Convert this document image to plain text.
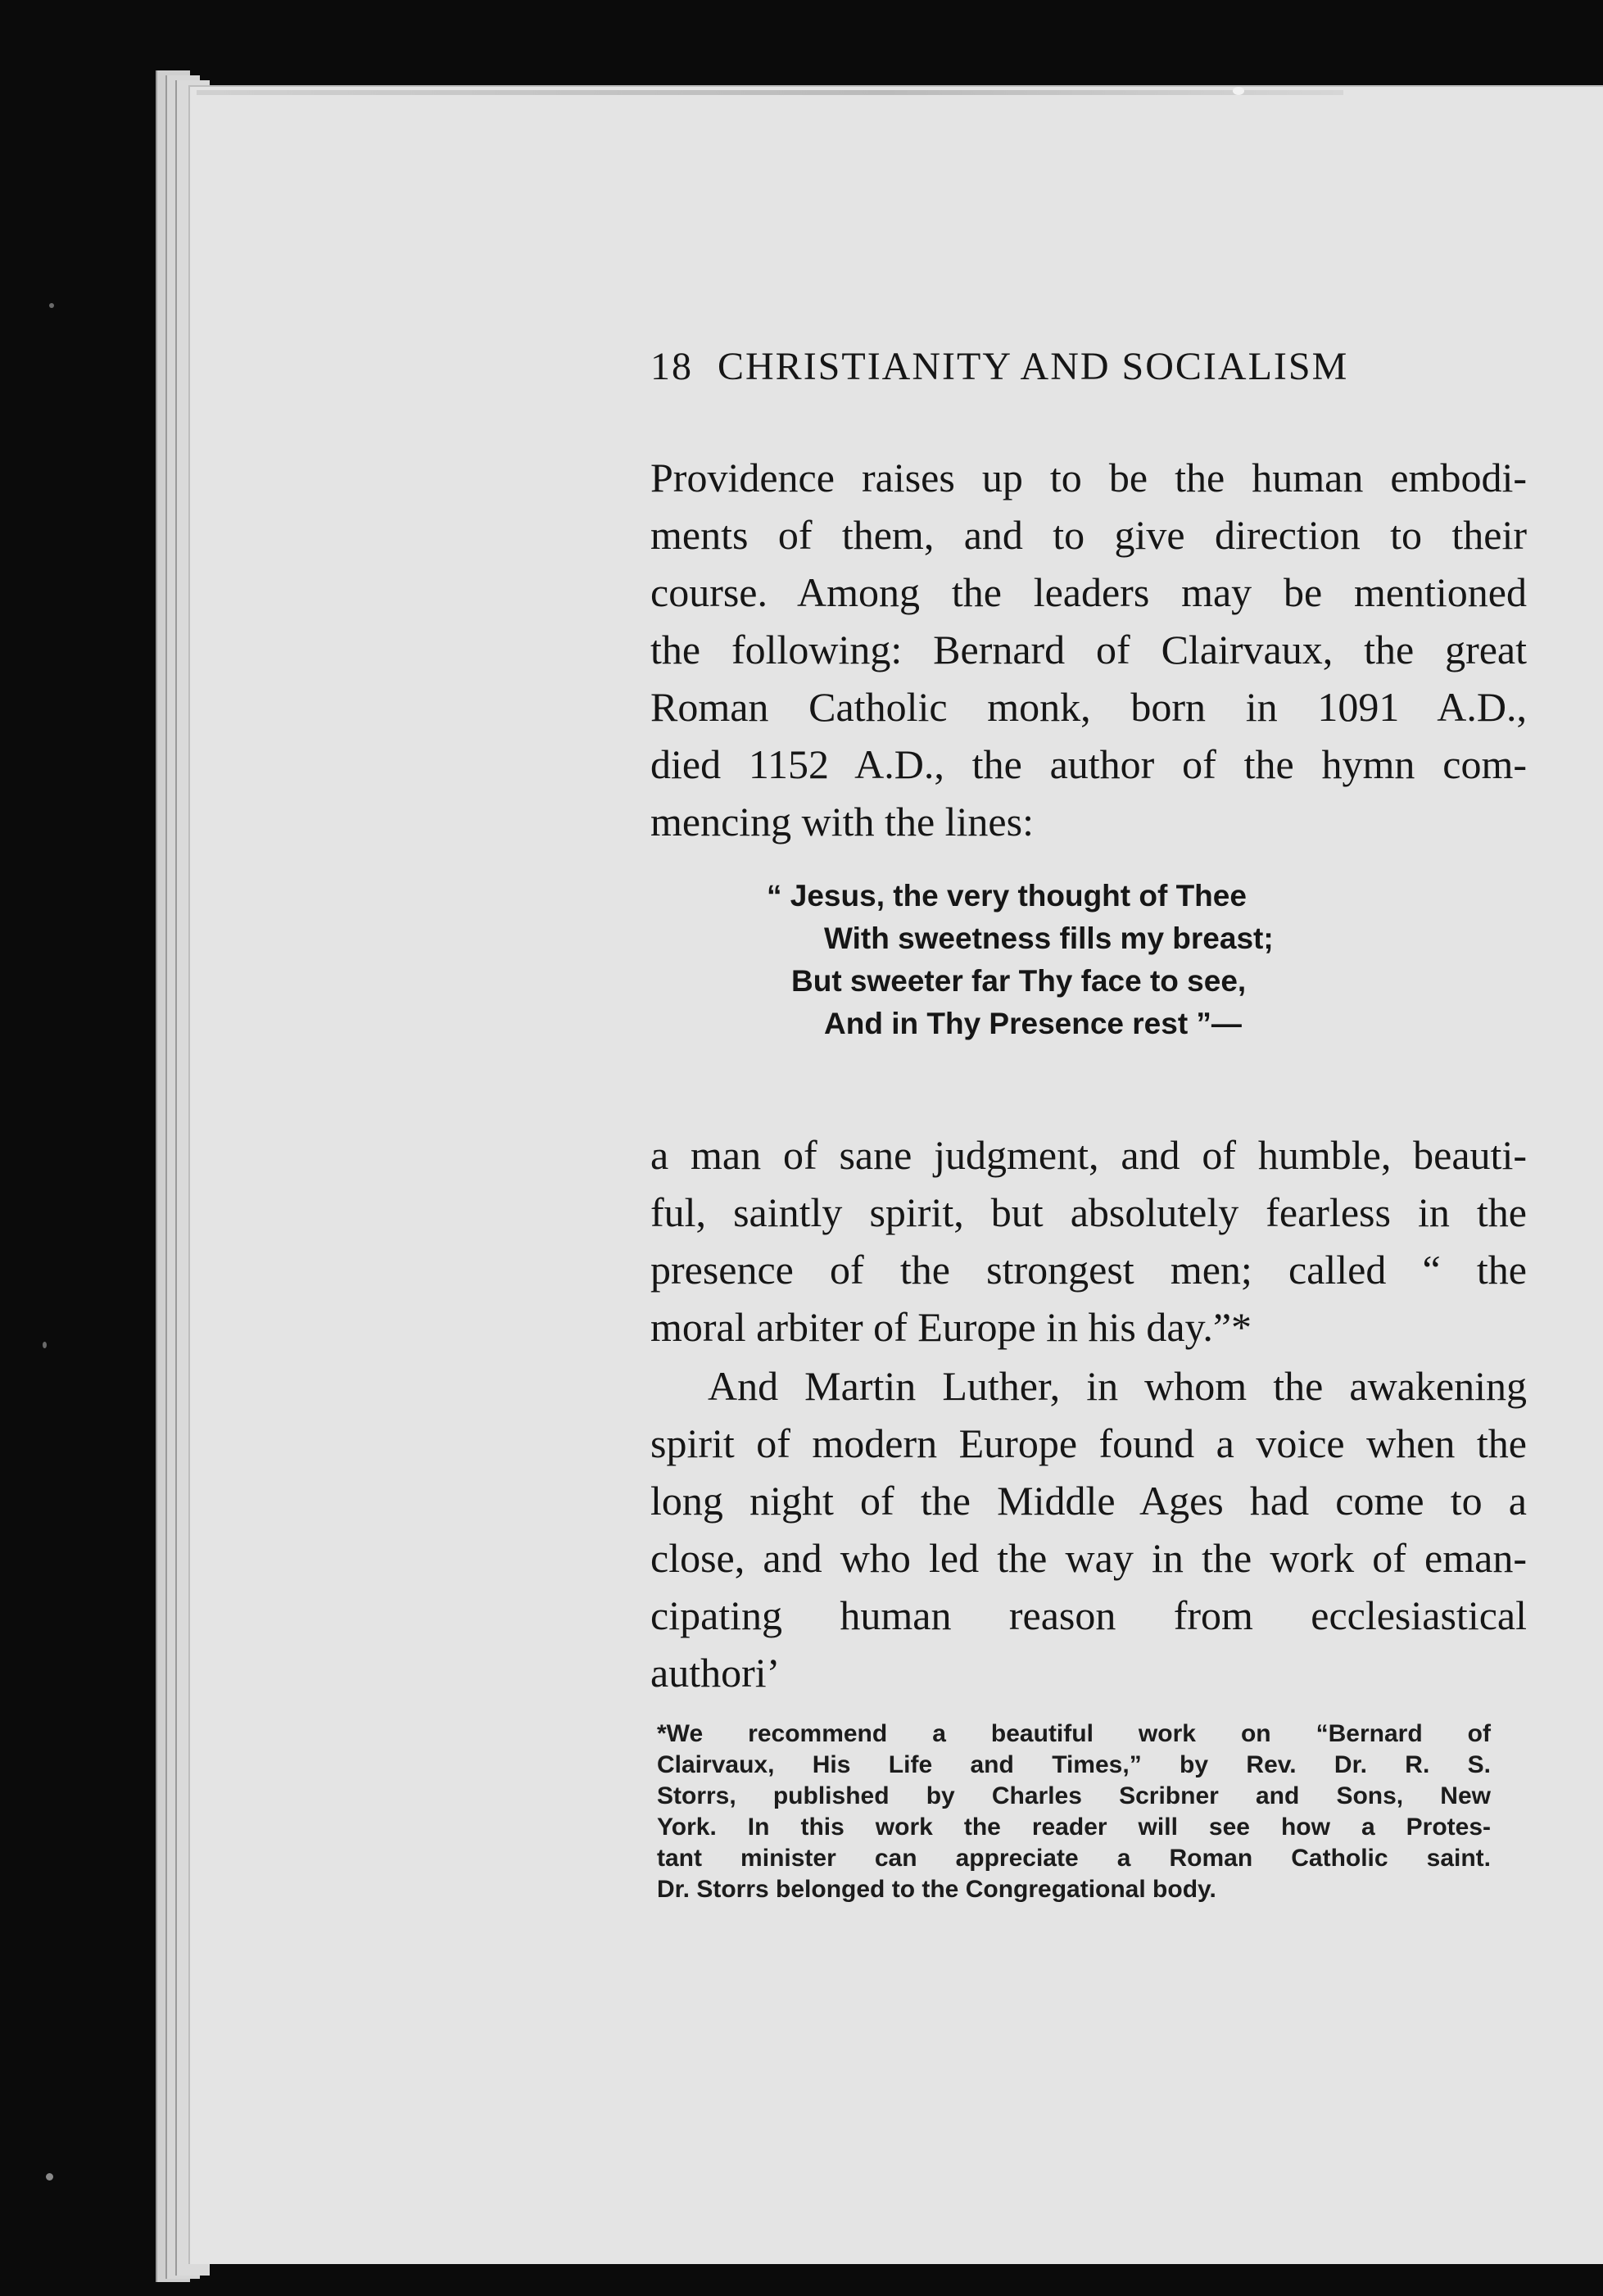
18 CHRISTIANITY AND SOCIALISM
Providence raises up to be the human embodi-
ments of them, and to give direction to their
course. Among the leaders may be mentioned
the following: Bernard of Clairvaux, the great
Roman Catholic monk, born in 1091 A.D.,
died 1152 A.D., the author of the hymn com-
mencing with the lines:
“ Jesus, the very thought of Thee
With sweetness fills my breast;
But sweeter far Thy face to see,
And in Thy Presence rest ”—
a man of sane judgment, and of humble, beauti-
ful, saintly spirit, but absolutely fearless in the
presence of the strongest men; called “ the
moral arbiter of Europe in his day.”*
And Martin Luther, in whom the awakening
spirit of modern Europe found a voice when the
long night of the Middle Ages had come to a
close, and who led the way in the work of eman-
cipating human reason from ecclesiastical
authori’
*We recommend a beautiful work on “Bernard of
Clairvaux, His Life and Times,” by Rev. Dr. R. S.
Storrs, published by Charles Scribner and Sons, New
York. In this work the reader will see how a Protes-
tant minister can appreciate a Roman Catholic saint.
Dr. Storrs belonged to the Congregational body.
